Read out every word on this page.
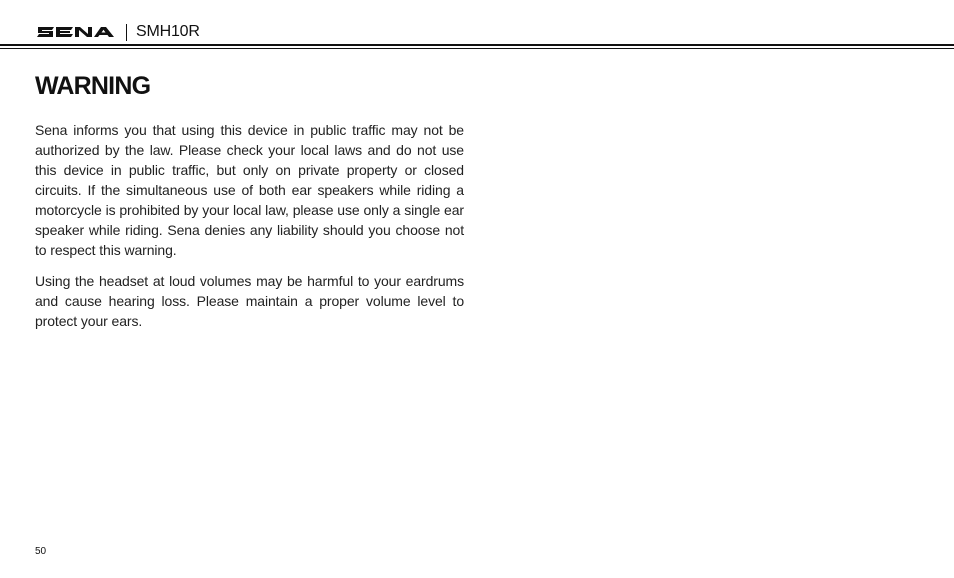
SMH10R
WARNING

Sena informs you that using this device in public traffic may not be authorized by the law. Please check your local laws and do not use this device in public traffic, but only on private property or closed circuits. If the simultaneous use of both ear speakers while riding a motorcycle is prohibited by your local law, please use only a single ear speaker while riding. Sena denies any liability should you choose not to respect this warning.

Using the headset at loud volumes may be harmful to your eardrums and cause hearing loss. Please maintain a proper volume level to protect your ears.

50
